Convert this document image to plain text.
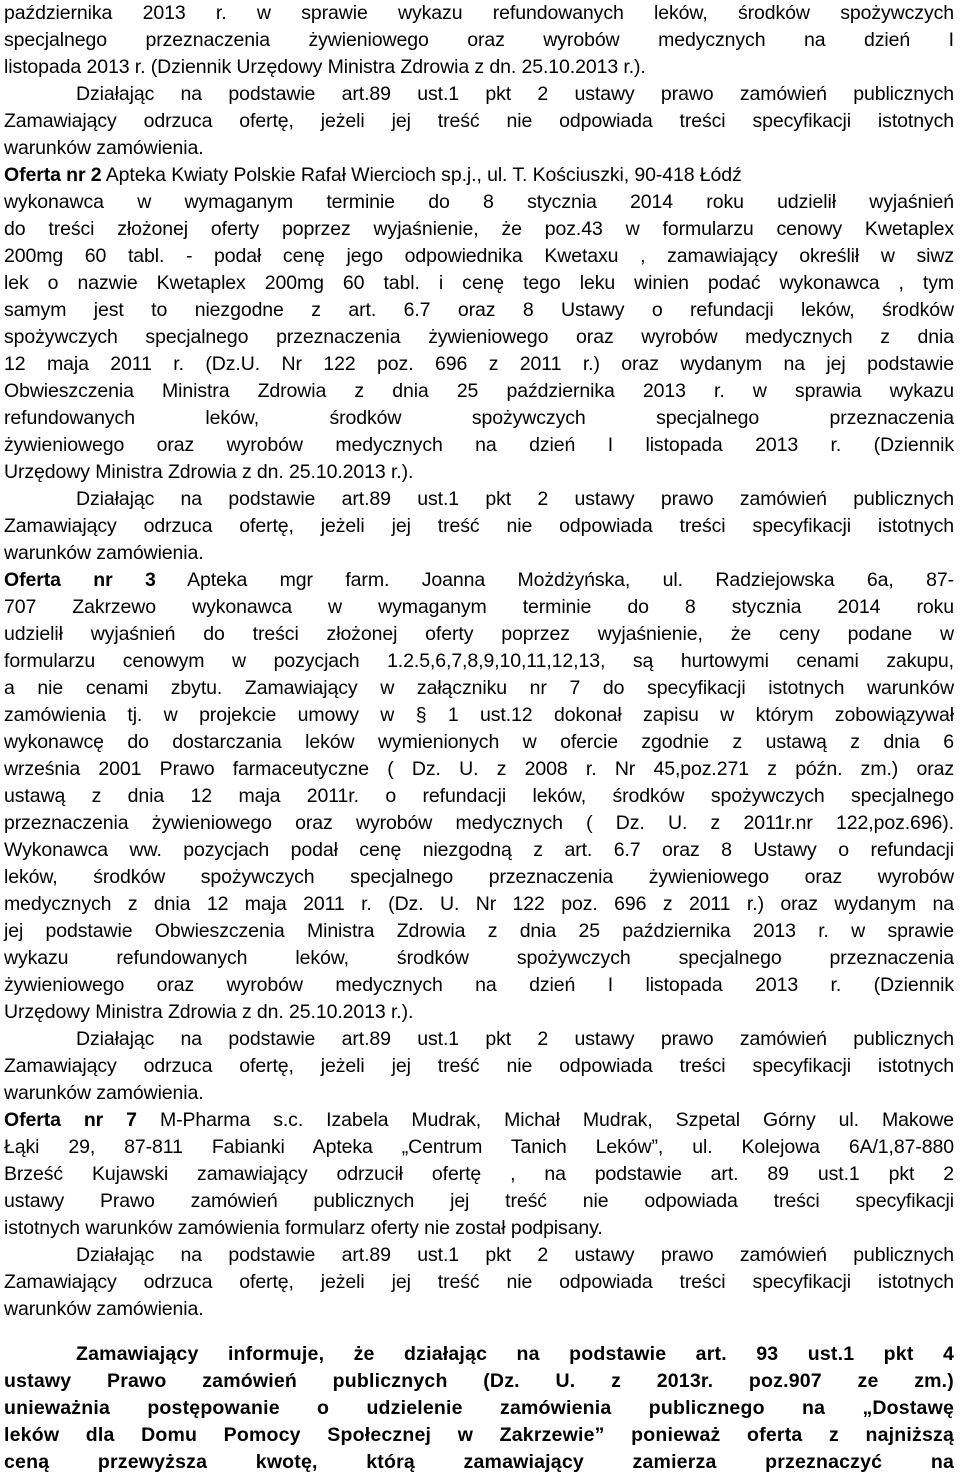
października 2013 r. w sprawie wykazu refundowanych leków, środków spożywczych
specjalnego przeznaczenia żywieniowego oraz wyrobów medycznych na dzień I
listopada 2013 r. (Dziennik Urzędowy Ministra Zdrowia z dn. 25.10.2013 r.).
Działając na podstawie art.89 ust.1 pkt 2 ustawy prawo zamówień publicznych
Zamawiający odrzuca ofertę, jeżeli jej treść nie odpowiada treści specyfikacji istotnych
warunków zamówienia.
Oferta nr 2 Apteka Kwiaty Polskie Rafał Wiercioch sp.j., ul. T. Kościuszki, 90-418 Łódź
wykonawca w wymaganym terminie do 8 stycznia 2014 roku udzielił wyjaśnień
do treści złożonej oferty poprzez wyjaśnienie, że poz.43 w formularzu cenowy Kwetaplex
200mg 60 tabl. - podał cenę jego odpowiednika Kwetaxu , zamawiający określił w siwz
lek o nazwie Kwetaplex 200mg 60 tabl. i cenę tego leku winien podać wykonawca , tym
samym jest to niezgodne z art. 6.7 oraz 8 Ustawy o refundacji leków, środków
spożywczych specjalnego przeznaczenia żywieniowego oraz wyrobów medycznych z dnia
12 maja 2011 r. (Dz.U. Nr 122 poz. 696 z 2011 r.) oraz wydanym na jej podstawie
Obwieszczenia Ministra Zdrowia z dnia 25 października 2013 r. w sprawia wykazu
refundowanych leków, środków spożywczych specjalnego przeznaczenia
żywieniowego oraz wyrobów medycznych na dzień I listopada 2013 r. (Dziennik
Urzędowy Ministra Zdrowia z dn. 25.10.2013 r.).
Działając na podstawie art.89 ust.1 pkt 2 ustawy prawo zamówień publicznych
Zamawiający odrzuca ofertę, jeżeli jej treść nie odpowiada treści specyfikacji istotnych
warunków zamówienia.
Oferta nr 3 Apteka mgr farm. Joanna Możdżyńska, ul. Radziejowska 6a, 87-
707 Zakrzewo wykonawca w wymaganym terminie do 8 stycznia 2014 roku
udzielił wyjaśnień do treści złożonej oferty poprzez wyjaśnienie, że ceny podane w
formularzu cenowym w pozycjach 1.2.5,6,7,8,9,10,11,12,13, są hurtowymi cenami zakupu,
a nie cenami zbytu. Zamawiający w załączniku nr 7 do specyfikacji istotnych warunków
zamówienia tj. w projekcie umowy w § 1 ust.12 dokonał zapisu w którym zobowiązywał
wykonawcę do dostarczania leków wymienionych w ofercie zgodnie z ustawą z dnia 6
września 2001 Prawo farmaceutyczne ( Dz. U. z 2008 r. Nr 45,poz.271 z późn. zm.) oraz
ustawą z dnia 12 maja 2011r. o refundacji leków, środków spożywczych specjalnego
przeznaczenia żywieniowego oraz wyrobów medycznych ( Dz. U. z 2011r.nr 122,poz.696).
Wykonawca ww. pozycjach podał cenę niezgodną z art. 6.7 oraz 8 Ustawy o refundacji
leków, środków spożywczych specjalnego przeznaczenia żywieniowego oraz wyrobów
medycznych z dnia 12 maja 2011 r. (Dz. U. Nr 122 poz. 696 z 2011 r.) oraz wydanym na
jej podstawie Obwieszczenia Ministra Zdrowia z dnia 25 października 2013 r. w sprawie
wykazu refundowanych leków, środków spożywczych specjalnego przeznaczenia
żywieniowego oraz wyrobów medycznych na dzień I listopada 2013 r. (Dziennik
Urzędowy Ministra Zdrowia z dn. 25.10.2013 r.).
Działając na podstawie art.89 ust.1 pkt 2 ustawy prawo zamówień publicznych
Zamawiający odrzuca ofertę, jeżeli jej treść nie odpowiada treści specyfikacji istotnych
warunków zamówienia.
Oferta nr 7 M-Pharma s.c. Izabela Mudrak, Michał Mudrak, Szpetal Górny ul. Makowe
Łąki 29, 87-811 Fabianki Apteka „Centrum Tanich Leków”, ul. Kolejowa 6A/1,87-880
Brześć Kujawski zamawiający odrzucił ofertę , na podstawie art. 89 ust.1 pkt 2
ustawy Prawo zamówień publicznych jej treść nie odpowiada treści specyfikacji
istotnych warunków zamówienia formularz oferty nie został podpisany.
Działając na podstawie art.89 ust.1 pkt 2 ustawy prawo zamówień publicznych
Zamawiający odrzuca ofertę, jeżeli jej treść nie odpowiada treści specyfikacji istotnych
warunków zamówienia.
Zamawiający informuje, że działając na podstawie art. 93 ust.1 pkt 4
ustawy Prawo zamówień publicznych (Dz. U. z 2013r. poz.907 ze zm.)
unieważnia postępowanie o udzielenie zamówienia publicznego na „Dostawę
leków dla Domu Pomocy Społecznej w Zakrzewie” ponieważ oferta z najniższą
ceną przewyższa kwotę, którą zamawiający zamierza przeznaczyć na
